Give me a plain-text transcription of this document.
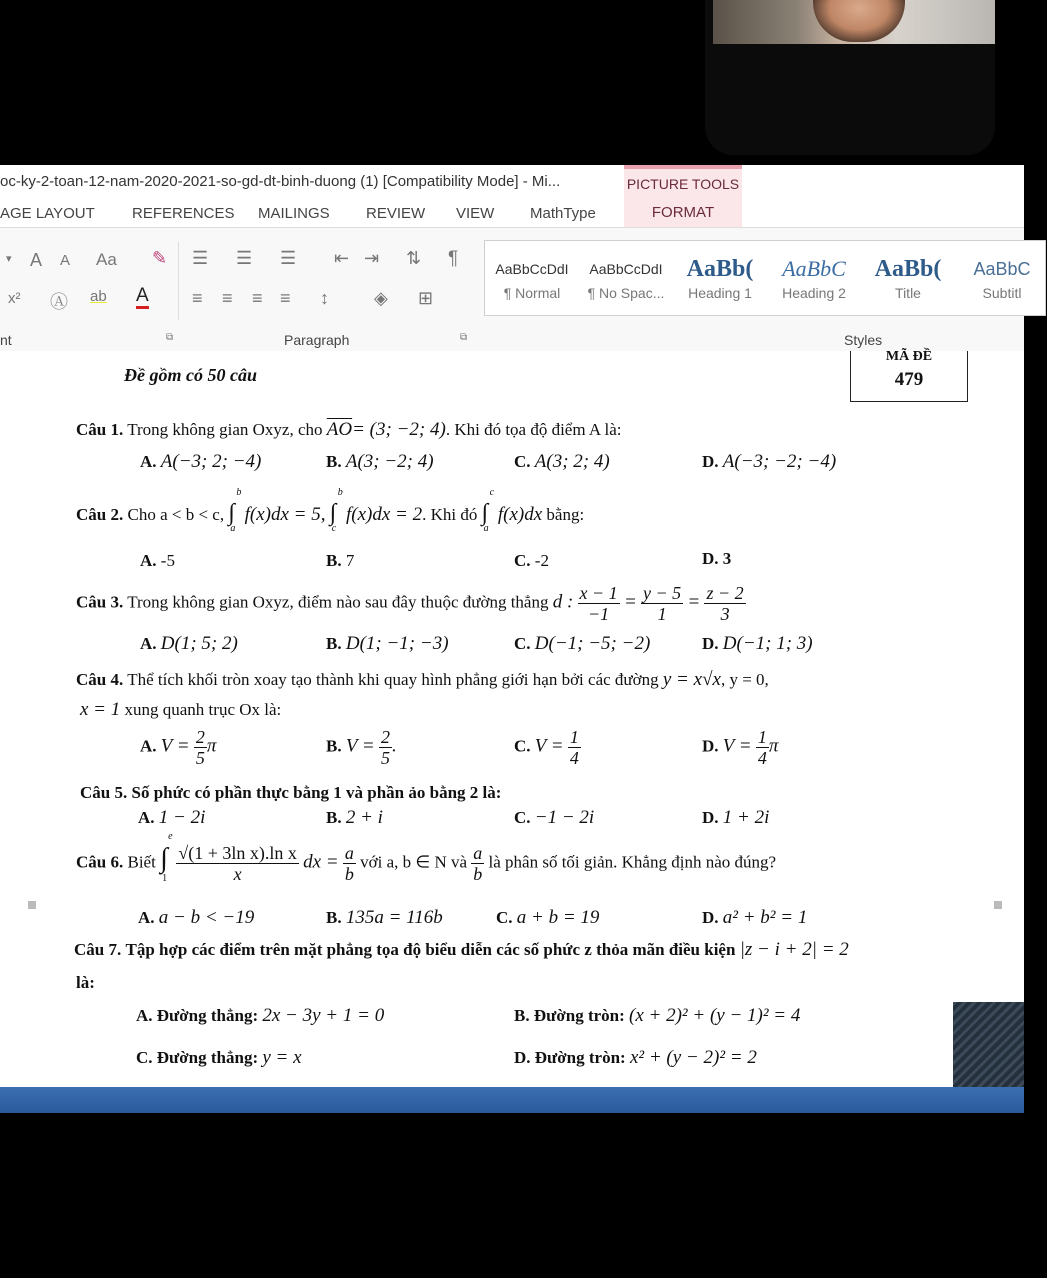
oc-ky-2-toan-12-nam-2020-2021-so-gd-dt-binh-duong (1) [Compatibility Mode] - Mi...	PICTURE TOOLS
AGE LAYOUT REFERENCES MAILINGS REVIEW VIEW MathType	FORMAT
▾ A A Aa ✎
x² Ⓐ ab A
☰ ☰ ☰ ⇤ ⇥ ⇅ ¶
≡ ≡ ≡ ≡ ↕	◈ ⊞
AaBbCcDdI
¶ Normal
AaBbCcDdI
¶ No Spac...
AaBb(
Heading 1
AaBbC
Heading 2
AaBb(
Title
AaBbC
Subtitl
nt	Paragraph	⧉
⧉	Styles
MÃ ĐỀ
479
Đề gồm có 50 câu
Câu 1. Trong không gian Oxyz, cho $\overline{AO}= (3$; −2; 4). Khi đó tọa độ điểm A là:
A. A(−3; 2; −4)	B. A(3; −2; 4)	C. A(3; 2; 4)	D. A(−3; −2; −4)
Câu 2. Cho a < b < c, ∫
b
a
f(x)dx = 5, ∫
b
c
f(x)dx = 2. Khi đó ∫
c
a
f(x)dx bằng:
A. -5	B. 7	C. -2	D. 3
Câu 3. Trong không gian Oxyz, điểm nào sau đây thuộc đường thẳng d : $\frac{x - 1}{-1} = \frac{y - 5}{1} = \frac{z - 2}{3}$
A. D(1; 5; 2)	B. D(1; −1; −3)	C. D(−1; −5; −2)	D. D(−1; 1; 3)
Câu 4. Thể tích khối tròn xoay tạo thành khi quay hình phẳng giới hạn bởi các đường y = x√x, y = 0,
x = 1 xung quanh trục Ox là:
A. $V = \frac{2}{5}$ π	B. $V = \frac{2}{5}$ .	C. $V = \frac{1}{4}$	D. $V = \frac{1}{4}$ π
Câu 5. Số phức có phần thực bằng 1 và phần ảo bằng 2 là:
A. 1 − 2i	B. 2 + i	C. −1 − 2i	D. 1 + 2i
Câu 6. Biết ∫
e
1
$\frac{\text{√(1 + 3ln x).ln x}}{x}$ dx = $\frac{a}{b}$ với a, b ∈ N và $\frac{a}{b}$ là phân số tối giản. Khẳng định nào đúng?
A. a − b < −19	B. 135a = 116b	C. a + b = 19	D. a² + b² = 1
Câu 7. Tập hợp các điểm trên mặt phẳng tọa độ biểu diễn các số phức z thỏa mãn điều kiện |z − i + 2| = 2
là:
A. Đường thẳng: 2x − 3y + 1 = 0	B. Đường tròn: (x + 2)² + (y − 1)² = 4
C. Đường thẳng: y = x	D. Đường tròn: x² + (y − 2)² = 2
